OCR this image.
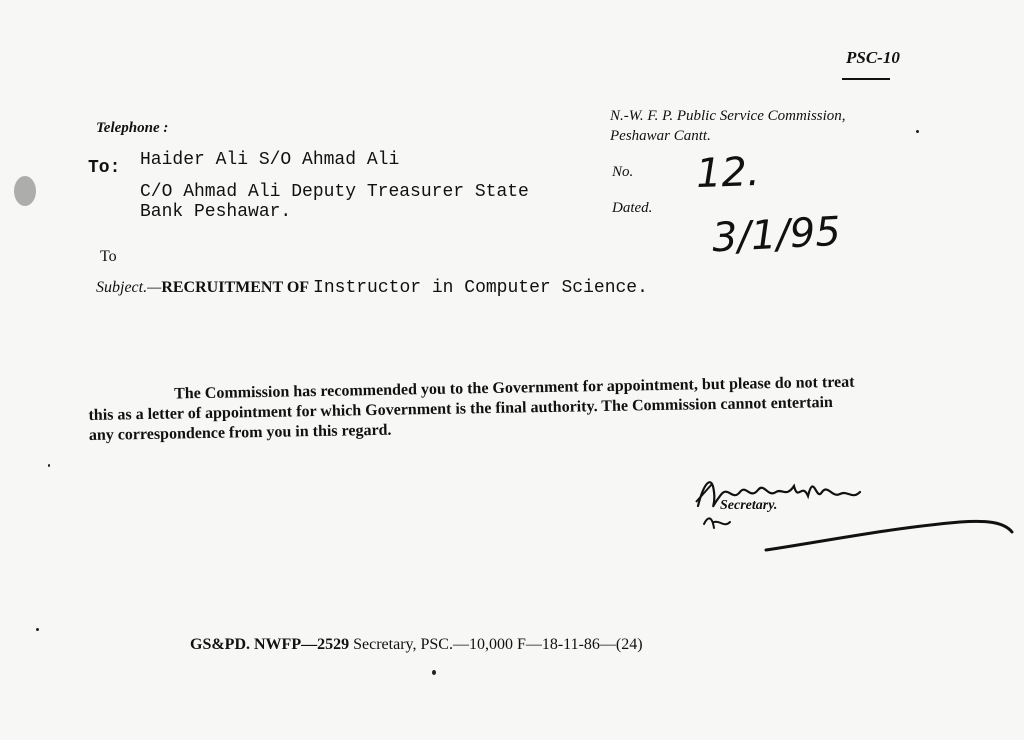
PSC-10
Telephone :
N.-W. F. P. Public Service Commission,
Peshawar Cantt.
To: Haider Ali S/O Ahmad Ali
C/O Ahmad Ali Deputy Treasurer State
Bank Peshawar.
No.
Dated.
12.
3/1/95
To
Subject.—RECRUITMENT OF Instructor in Computer Science.
The Commission has recommended you to the Government for appointment, but please do not treat
this as a letter of appointment for which Government is the final authority. The Commission cannot entertain
any correspondence from you in this regard.
Secretary.
GS&PD. NWFP—2529 Secretary, PSC.—10,000 F—18-11-86—(24)
